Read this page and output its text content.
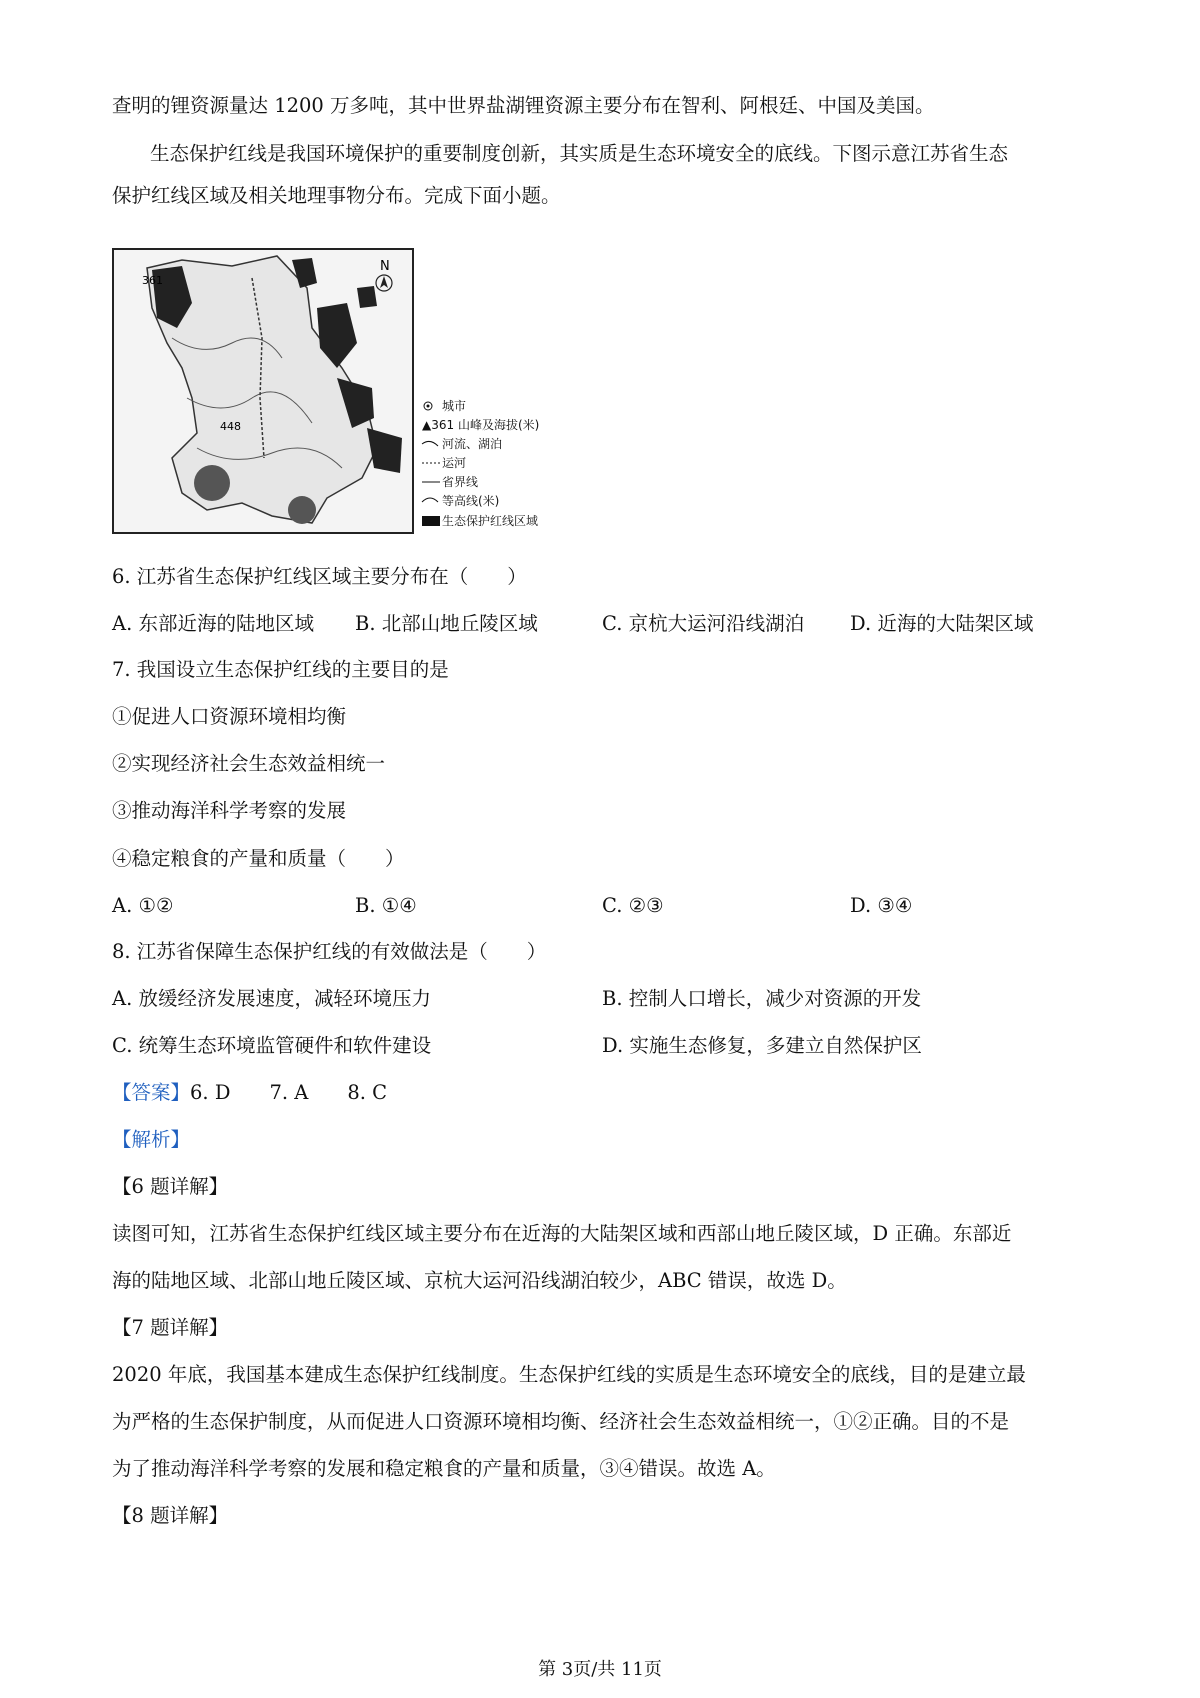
查明的锂资源量达 1200 万多吨，其中世界盐湖锂资源主要分布在智利、阿根廷、中国及美国。
生态保护红线是我国环境保护的重要制度创新，其实质是生态环境安全的底线。下图示意江苏省生态
保护红线区域及相关地理事物分布。完成下面小题。
N
361
448
城市
▲361 山峰及海拔(米)
河流、湖泊
运河
省界线
等高线(米)
生态保护红线区域
6. 江苏省生态保护红线区域主要分布在（　　）
A. 东部近海的陆地区域 B. 北部山地丘陵区域	C. 京杭大运河沿线湖泊 D. 近海的大陆架区域
7. 我国设立生态保护红线的主要目的是
①促进人口资源环境相均衡
②实现经济社会生态效益相统一
③推动海洋科学考察的发展
④稳定粮食的产量和质量（　　）
A. ①②	B. ①④	C. ②③	D. ③④
8. 江苏省保障生态保护红线的有效做法是（　　）
A. 放缓经济发展速度，减轻环境压力	B. 控制人口增长，减少对资源的开发
C. 统筹生态环境监管硬件和软件建设	D. 实施生态修复，多建立自然保护区
【答案】6. D　　7. A　　8. C
【解析】
【6 题详解】
读图可知，江苏省生态保护红线区域主要分布在近海的大陆架区域和西部山地丘陵区域，D 正确。东部近
海的陆地区域、北部山地丘陵区域、京杭大运河沿线湖泊较少，ABC 错误，故选 D。
【7 题详解】
2020 年底，我国基本建成生态保护红线制度。生态保护红线的实质是生态环境安全的底线，目的是建立最
为严格的生态保护制度，从而促进人口资源环境相均衡、经济社会生态效益相统一，①②正确。目的不是
为了推动海洋科学考察的发展和稳定粮食的产量和质量，③④错误。故选 A。
【8 题详解】
第 3页/共 11页
